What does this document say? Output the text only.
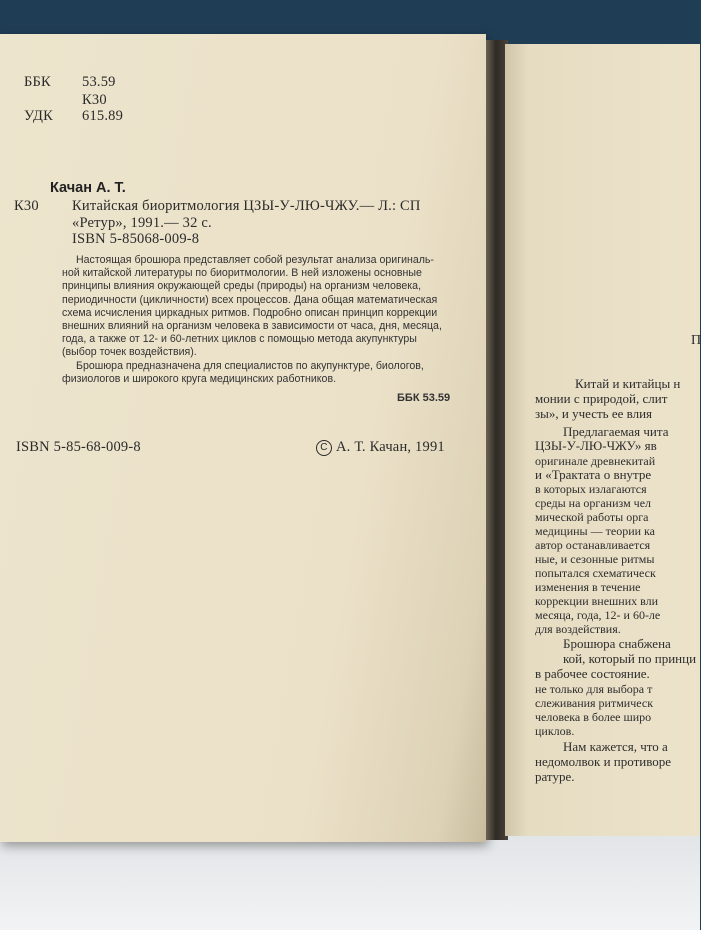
ББК 53.59
К30
УДК 615.89
Качан А. Т.
К30 Китайская биоритмология ЦЗЫ-У-ЛЮ-ЧЖУ.— Л.: СП
«Ретур», 1991.— 32 с.
ISBN 5-85068-009-8
Настоящая брошюра представляет собой результат анализа оригиналь-
ной китайской литературы по биоритмологии. В ней изложены основные
принципы влияния окружающей среды (природы) на организм человека,
периодичности (цикличности) всех процессов. Дана общая математическая
схема исчисления циркадных ритмов. Подробно описан принцип коррекции
внешних влияний на организм человека в зависимости от часа, дня, месяца,
года, а также от 12- и 60-летних циклов с помощью метода акупунктуры
(выбор точек воздействия).
Брошюра предназначена для специалистов по акупунктуре, биологов,
физиологов и широкого круга медицинских работников.
ББК 53.59
ISBN 5-85-68-009-8	C А. Т. Качан, 1991
П
Китай и китайцы н
монии с природой, слит
зы», и учесть ее влия
Предлагаемая чита
ЦЗЫ-У-ЛЮ-ЧЖУ» яв
оригинале древнекитай
и «Трактата о внутре
в которых излагаются
среды на организм чел
мической работы орга
медицины — теории ка
автор останавливается
ные, и сезонные ритмы
попытался схематическ
изменения в течение
коррекции внешних вли
месяца, года, 12- и 60-ле
для воздействия.
Брошюра снабжена
кой, который по принци
в рабочее состояние.
не только для выбора т
слеживания ритмическ
человека в более широ
циклов.
Нам кажется, что а
недомолвок и противоре
ратуре.
